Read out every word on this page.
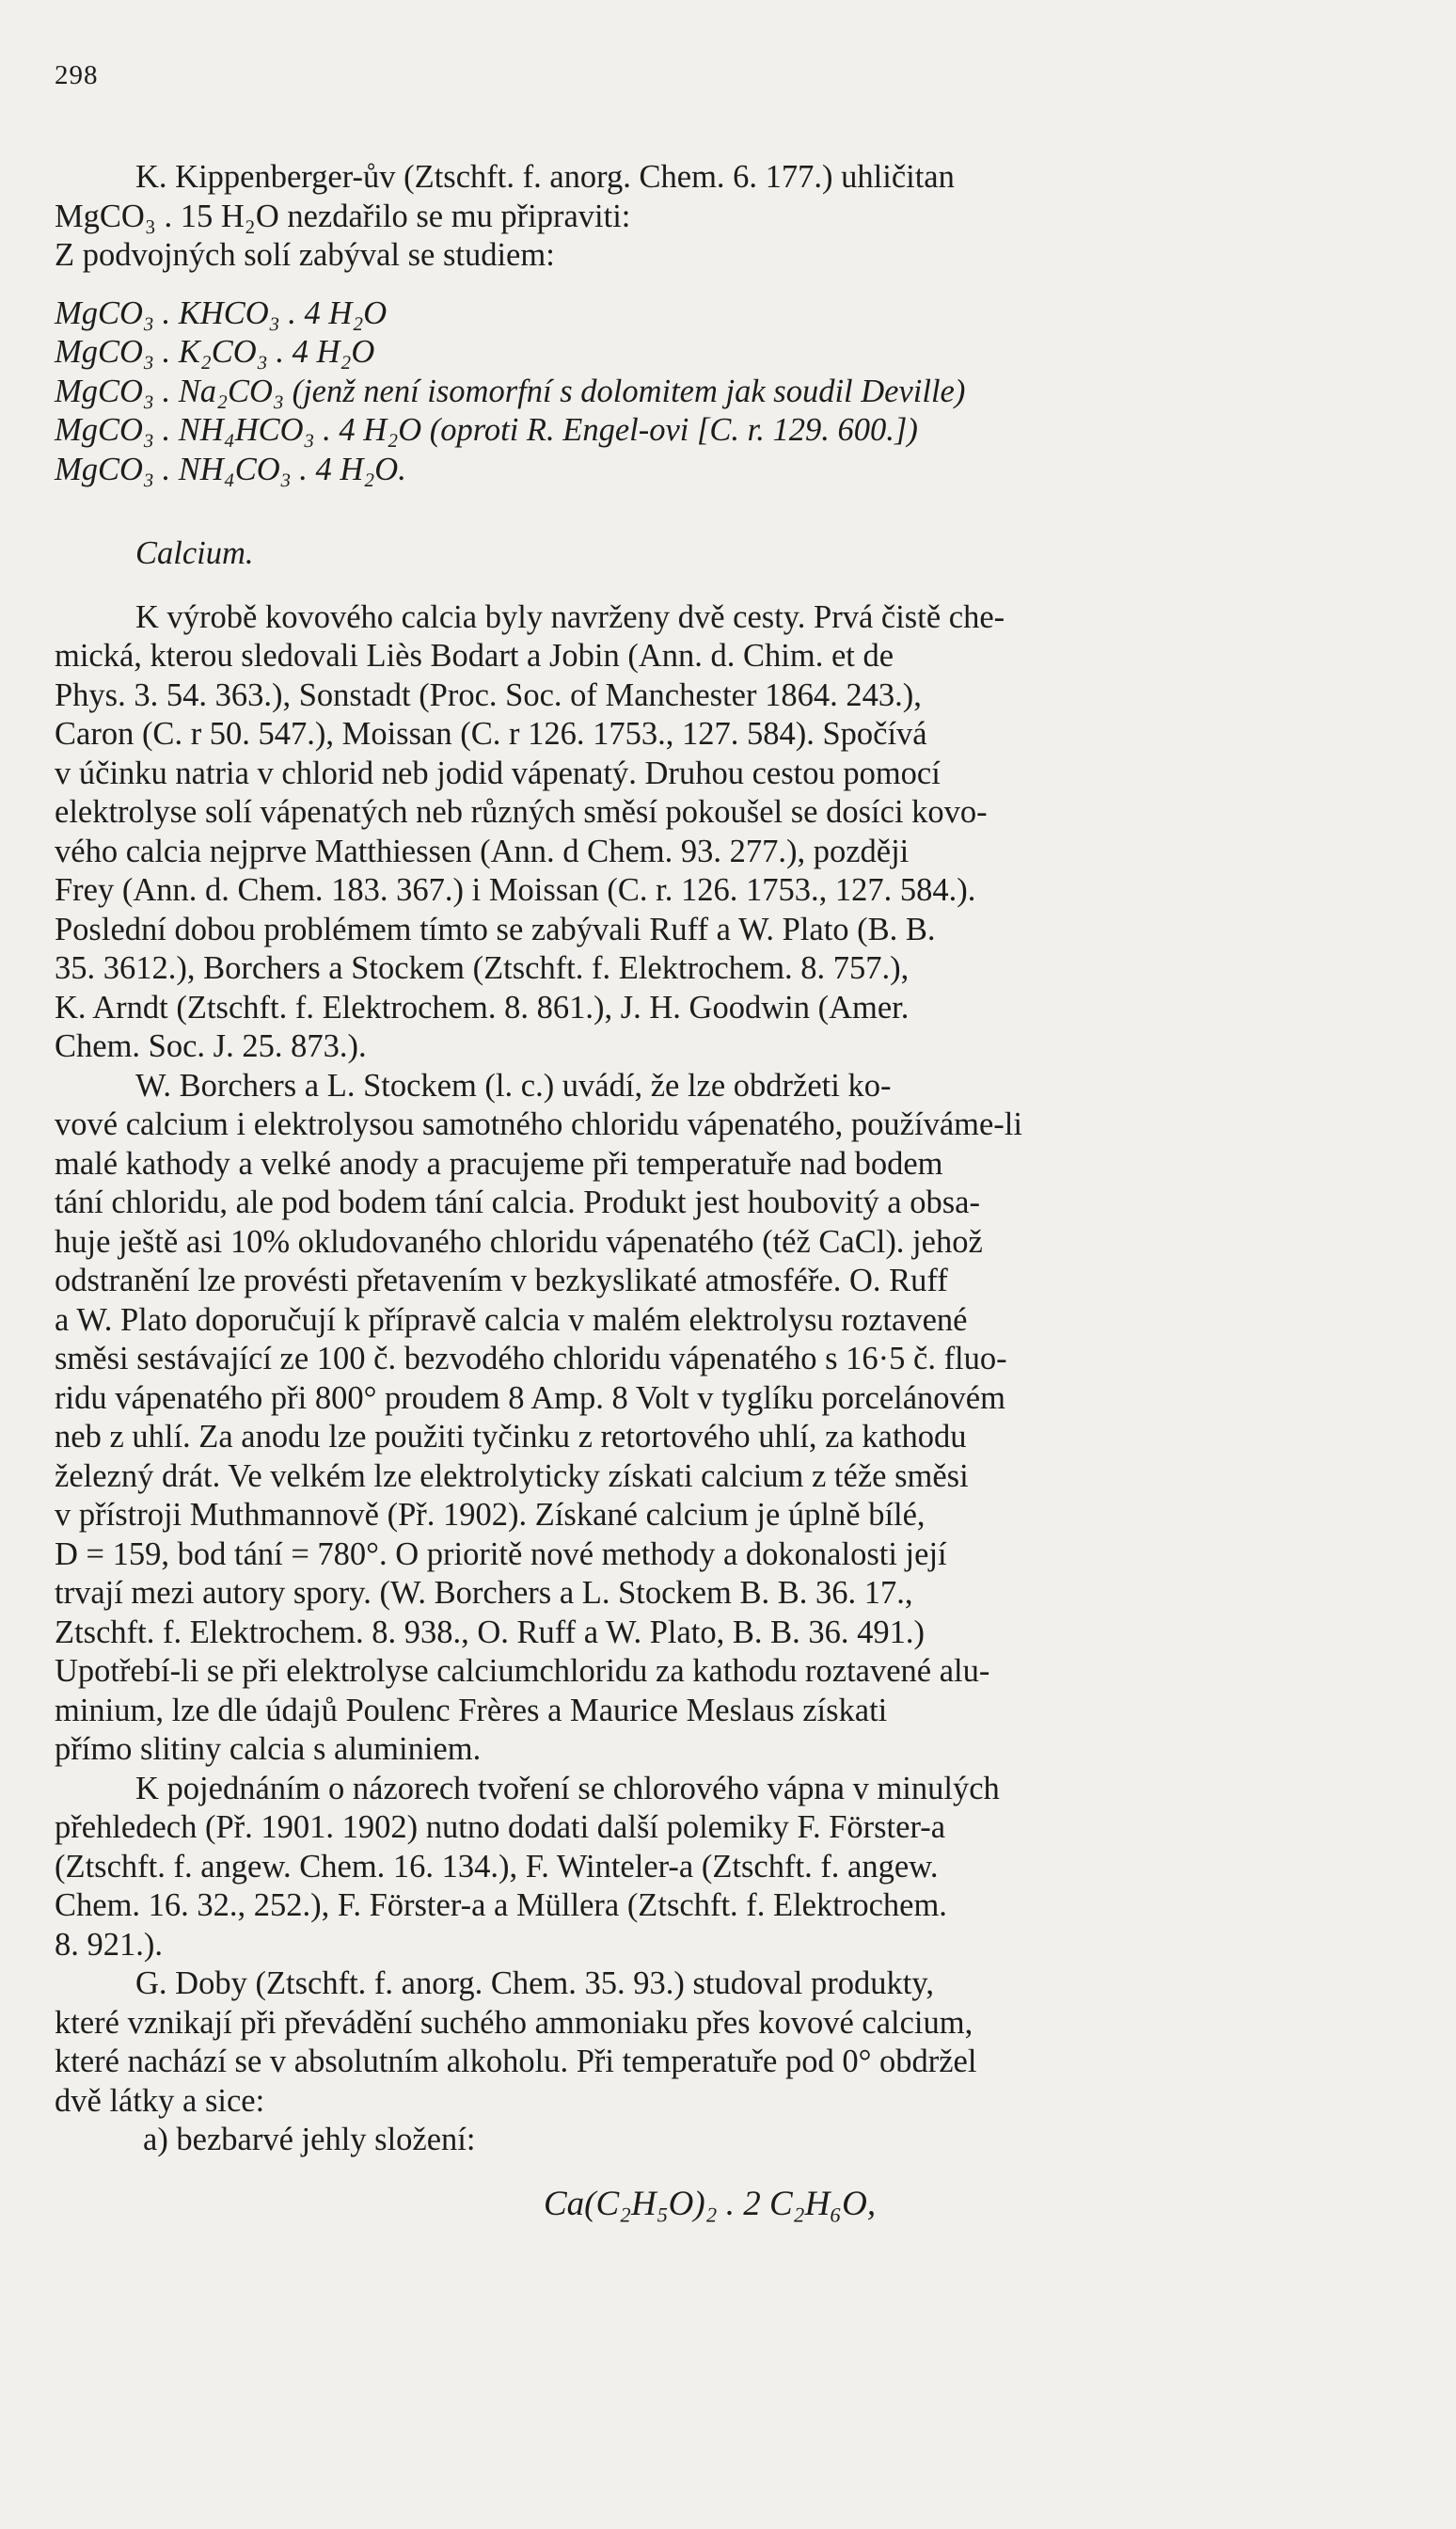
298
K. Kippenberger-ův (Ztschft. f. anorg. Chem. 6. 177.) uhličitan
MgCO₃ . 15 H₂O nezdařilo se mu připraviti:
Z podvojných solí zabýval se studiem:
MgCO₃ . KHCO₃ . 4 H₂O
MgCO₃ . K₂CO₃ . 4 H₂O
MgCO₃ . Na₂CO₃ (jenž není isomorfní s dolomitem jak soudil Deville)
MgCO₃ . NH₄HCO₃ . 4 H₂O (oproti R. Engel-ovi [C. r. 129. 600.])
MgCO₃ . NH₄CO₃ . 4 H₂O.
Calcium.
K výrobě kovového calcia byly navrženy dvě cesty. Prvá čistě che-
mická, kterou sledovali Liès Bodart a Jobin (Ann. d. Chim. et de
Phys. 3. 54. 363.), Sonstadt (Proc. Soc. of Manchester 1864. 243.),
Caron (C. r 50. 547.), Moissan (C. r 126. 1753., 127. 584). Spočívá
v účinku natria v chlorid neb jodid vápenatý. Druhou cestou pomocí
elektrolyse solí vápenatých neb různých směsí pokoušel se dosíci kovo-
vého calcia nejprve Matthiessen (Ann. d Chem. 93. 277.), později
Frey (Ann. d. Chem. 183. 367.) i Moissan (C. r. 126. 1753., 127. 584.).
Poslední dobou problémem tímto se zabývali Ruff a W. Plato (B. B.
35. 3612.), Borchers a Stockem (Ztschft. f. Elektrochem. 8. 757.),
K. Arndt (Ztschft. f. Elektrochem. 8. 861.), J. H. Goodwin (Amer.
Chem. Soc. J. 25. 873.).
W. Borchers a L. Stockem (l. c.) uvádí, že lze obdržeti ko-
vové calcium i elektrolysou samotného chloridu vápenatého, používáme-li
malé kathody a velké anody a pracujeme při temperatuře nad bodem
tání chloridu, ale pod bodem tání calcia. Produkt jest houbovitý a obsa-
huje ještě asi 10% okludovaného chloridu vápenatého (též CaCl). jehož
odstranění lze provésti přetavením v bezkyslikaté atmosféře. O. Ruff
a W. Plato doporučují k přípravě calcia v malém elektrolysu roztavené
směsi sestávající ze 100 č. bezvodého chloridu vápenatého s 16·5 č. fluo-
ridu vápenatého při 800° proudem 8 Amp. 8 Volt v tyglíku porcelánovém
neb z uhlí. Za anodu lze použiti tyčinku z retortového uhlí, za kathodu
železný drát. Ve velkém lze elektrolyticky získati calcium z téže směsi
v přístroji Muthmannově (Př. 1902). Získané calcium je úplně bílé,
D = 159, bod tání = 780°. O prioritě nové methody a dokonalosti její
trvají mezi autory spory. (W. Borchers a L. Stockem B. B. 36. 17.,
Ztschft. f. Elektrochem. 8. 938., O. Ruff a W. Plato, B. B. 36. 491.)
Upotřebí-li se při elektrolyse calciumchloridu za kathodu roztavené alu-
minium, lze dle údajů Poulenc Frères a Maurice Meslaus získati
přímo slitiny calcia s aluminiem.
K pojednáním o názorech tvoření se chlorového vápna v minulých
přehledech (Př. 1901. 1902) nutno dodati další polemiky F. Förster-a
(Ztschft. f. angew. Chem. 16. 134.), F. Winteler-a (Ztschft. f. angew.
Chem. 16. 32., 252.), F. Förster-a a Müllera (Ztschft. f. Elektrochem.
8. 921.).
G. Doby (Ztschft. f. anorg. Chem. 35. 93.) studoval produkty,
které vznikají při převádění suchého ammoniaku přes kovové calcium,
které nachází se v absolutním alkoholu. Při temperatuře pod 0° obdržel
dvě látky a sice:
a) bezbarvé jehly složení:
Ca(C₂H₅O)₂ . 2 C₂H₆O,
